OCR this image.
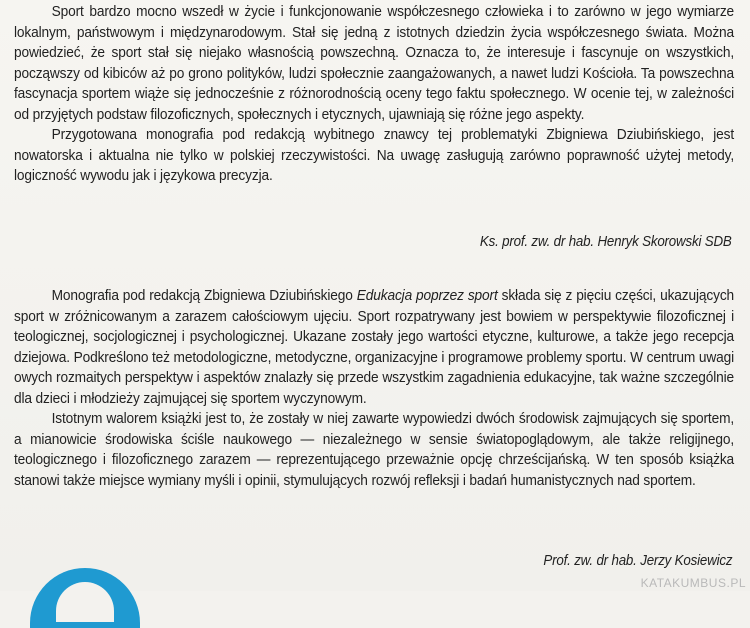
Sport bardzo mocno wszedł w życie i funkcjonowanie współczesnego człowieka i to zarówno w jego wymiarze lokalnym, państwowym i międzynarodowym. Stał się jedną z istotnych dziedzin życia współczesnego świata. Można powiedzieć, że sport stał się niejako własnością powszechną. Oznacza to, że interesuje i fascynuje on wszystkich, począwszy od kibiców aż po grono polityków, ludzi społecznie zaangażowanych, a nawet ludzi Kościoła. Ta powszechna fascynacja sportem wiąże się jednocześnie z różnorodnością oceny tego faktu społecznego. W ocenie tej, w zależności od przyjętych podstaw filozoficznych, społecznych i etycznych, ujawniają się różne jego aspekty.

Przygotowana monografia pod redakcją wybitnego znawcy tej problematyki Zbigniewa Dziubińskiego, jest nowatorska i aktualna nie tylko w polskiej rzeczywistości. Na uwagę zasługują zarówno poprawność użytej metody, logiczność wywodu jak i językowa precyzja.

Ks. prof. zw. dr hab. Henryk Skorowski SDB

Monografia pod redakcją Zbigniewa Dziubińskiego Edukacja poprzez sport składa się z pięciu części, ukazujących sport w zróżnicowanym a zarazem całościowym ujęciu. Sport rozpatrywany jest bowiem w perspektywie filozoficznej i teologicznej, socjologicznej i psychologicznej. Ukazane zostały jego wartości etyczne, kulturowe, a także jego recepcja dziejowa. Podkreślono też metodologiczne, metodyczne, organizacyjne i programowe problemy sportu. W centrum uwagi owych rozmaitych perspektyw i aspektów znalazły się przede wszystkim zagadnienia edukacyjne, tak ważne szczególnie dla dzieci i młodzieży zajmującej się sportem wyczynowym.

Istotnym walorem książki jest to, że zostały w niej zawarte wypowiedzi dwóch środowisk zajmujących się sportem, a mianowicie środowiska ściśle naukowego — niezależnego w sensie światopoglądowym, ale także religijnego, teologicznego i filozoficznego zarazem — reprezentującego przeważnie opcję chrześcijańską. W ten sposób książka stanowi także miejsce wymiany myśli i opinii, stymulujących rozwój refleksji i badań humanistycznych nad sportem.

Prof. zw. dr hab. Jerzy Kosiewicz
KATAKUMBUS.PL
